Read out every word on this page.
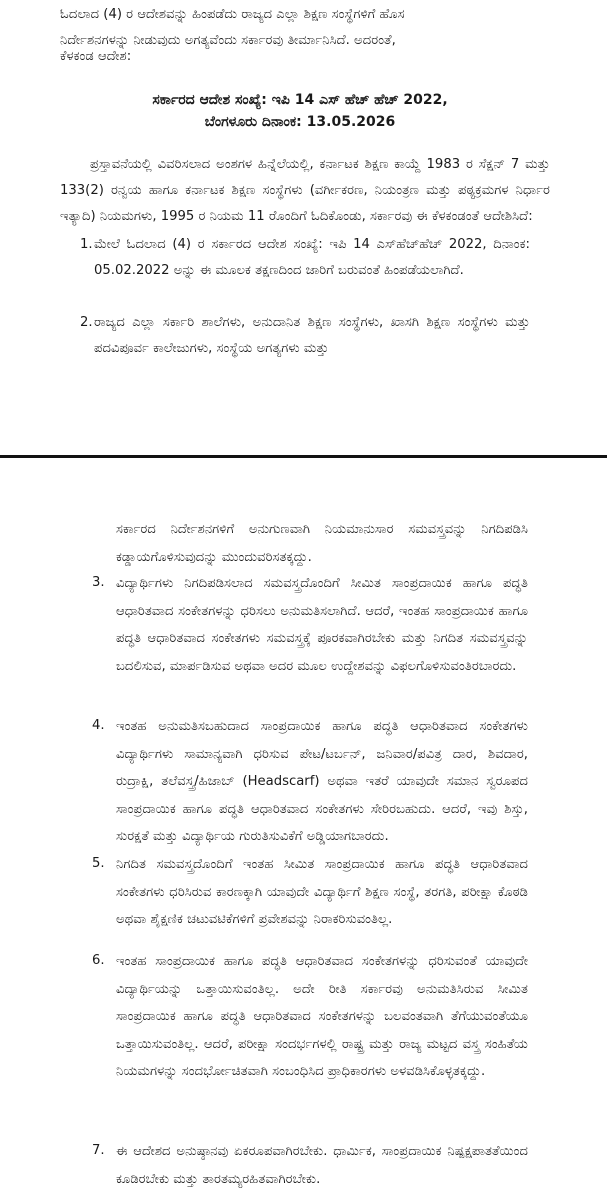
ಓದಲಾದ (4) ರ ಆದೇಶವನ್ನು ಹಿಂಪಡೆದು ರಾಜ್ಯದ ಎಲ್ಲಾ ಶಿಕ್ಷಣ ಸಂಸ್ಥೆಗಳಿಗೆ ಹೊಸ

ನಿರ್ದೇಶನಗಳನ್ನು ನೀಡುವುದು ಅಗತ್ಯವೆಂದು ಸರ್ಕಾರವು ತೀರ್ಮಾನಿಸಿದೆ. ಅದರಂತೆ,

ಕೆಳಕಂಡ ಆದೇಶ:

ಸರ್ಕಾರದ ಆದೇಶ ಸಂಖ್ಯೆ: ಇಪಿ 14 ಎಸ್ ಹೆಚ್ ಹೆಚ್ 2022,

ಬೆಂಗಳೂರು ದಿನಾಂಕ: 13.05.2026

ಪ್ರಸ್ತಾವನೆಯಲ್ಲಿ ವಿವರಿಸಲಾದ ಅಂಶಗಳ ಹಿನ್ನೆಲೆಯಲ್ಲಿ, ಕರ್ನಾಟಕ ಶಿಕ್ಷಣ ಕಾಯ್ದೆ 1983 ರ ಸೆಕ್ಷನ್ 7 ಮತ್ತು 133(2) ರನ್ವಯ ಹಾಗೂ ಕರ್ನಾಟಕ ಶಿಕ್ಷಣ ಸಂಸ್ಥೆಗಳು (ವರ್ಗೀಕರಣ, ನಿಯಂತ್ರಣ ಮತ್ತು ಪಠ್ಯಕ್ರಮಗಳ ನಿರ್ಧಾರ ಇತ್ಯಾದಿ) ನಿಯಮಗಳು, 1995 ರ ನಿಯಮ 11 ರೊಂದಿಗೆ ಓದಿಕೊಂಡು, ಸರ್ಕಾರವು ಈ ಕೆಳಕಂಡಂತೆ ಆದೇಶಿಸಿದೆ:

1. ಮೇಲೆ ಓದಲಾದ (4) ರ ಸರ್ಕಾರದ ಆದೇಶ ಸಂಖ್ಯೆ: ಇಪಿ 14 ಎಸ್‌ಹೆಚ್‌ಹೆಚ್ 2022, ದಿನಾಂಕ: 05.02.2022 ಅನ್ನು ಈ ಮೂಲಕ ತಕ್ಷಣದಿಂದ ಜಾರಿಗೆ ಬರುವಂತೆ ಹಿಂಪಡೆಯಲಾಗಿದೆ.

2. ರಾಜ್ಯದ ಎಲ್ಲಾ ಸರ್ಕಾರಿ ಶಾಲೆಗಳು, ಅನುದಾನಿತ ಶಿಕ್ಷಣ ಸಂಸ್ಥೆಗಳು, ಖಾಸಗಿ ಶಿಕ್ಷಣ ಸಂಸ್ಥೆಗಳು ಮತ್ತು ಪದವಿಪೂರ್ವ ಕಾಲೇಜುಗಳು, ಸಂಸ್ಥೆಯ ಅಗತ್ಯಗಳು ಮತ್ತು

ಸರ್ಕಾರದ ನಿರ್ದೇಶನಗಳಿಗೆ ಅನುಗುಣವಾಗಿ ನಿಯಮಾನುಸಾರ ಸಮವಸ್ತ್ರವನ್ನು ನಿಗದಿಪಡಿಸಿ ಕಡ್ಡಾಯಗೊಳಿಸುವುದನ್ನು ಮುಂದುವರಿಸತಕ್ಕದ್ದು.

3. ವಿದ್ಯಾರ್ಥಿಗಳು ನಿಗದಿಪಡಿಸಲಾದ ಸಮವಸ್ತ್ರದೊಂದಿಗೆ ಸೀಮಿತ ಸಾಂಪ್ರದಾಯಿಕ ಹಾಗೂ ಪದ್ಧತಿ ಆಧಾರಿತವಾದ ಸಂಕೇತಗಳನ್ನು ಧರಿಸಲು ಅನುಮತಿಸಲಾಗಿದೆ. ಆದರೆ, ಇಂತಹ ಸಾಂಪ್ರದಾಯಿಕ ಹಾಗೂ ಪದ್ಧತಿ ಆಧಾರಿತವಾದ ಸಂಕೇತಗಳು ಸಮವಸ್ತ್ರಕ್ಕೆ ಪೂರಕವಾಗಿರಬೇಕು ಮತ್ತು ನಿಗದಿತ ಸಮವಸ್ತ್ರವನ್ನು ಬದಲಿಸುವ, ಮಾರ್ಪಡಿಸುವ ಅಥವಾ ಅದರ ಮೂಲ ಉದ್ದೇಶವನ್ನು ವಿಫಲಗೊಳಿಸುವಂತಿರಬಾರದು.

4. ಇಂತಹ ಅನುಮತಿಸಬಹುದಾದ ಸಾಂಪ್ರದಾಯಿಕ ಹಾಗೂ ಪದ್ಧತಿ ಆಧಾರಿತವಾದ ಸಂಕೇತಗಳು ವಿದ್ಯಾರ್ಥಿಗಳು ಸಾಮಾನ್ಯವಾಗಿ ಧರಿಸುವ ಪೇಟ/ಟರ್ಬನ್, ಜನಿವಾರ/ಪವಿತ್ರ ದಾರ, ಶಿವದಾರ, ರುದ್ರಾಕ್ಷಿ, ತಲೆವಸ್ತ್ರ/ಹಿಜಾಬ್ (Headscarf) ಅಥವಾ ಇತರೆ ಯಾವುದೇ ಸಮಾನ ಸ್ವರೂಪದ ಸಾಂಪ್ರದಾಯಿಕ ಹಾಗೂ ಪದ್ಧತಿ ಆಧಾರಿತವಾದ ಸಂಕೇತಗಳು ಸೇರಿರಬಹುದು. ಆದರೆ, ಇವು ಶಿಸ್ತು, ಸುರಕ್ಷತೆ ಮತ್ತು ವಿದ್ಯಾರ್ಥಿಯ ಗುರುತಿಸುವಿಕೆಗೆ ಅಡ್ಡಿಯಾಗಬಾರದು.

5. ನಿಗದಿತ ಸಮವಸ್ತ್ರದೊಂದಿಗೆ ಇಂತಹ ಸೀಮಿತ ಸಾಂಪ್ರದಾಯಿಕ ಹಾಗೂ ಪದ್ಧತಿ ಆಧಾರಿತವಾದ ಸಂಕೇತಗಳು ಧರಿಸಿರುವ ಕಾರಣಕ್ಕಾಗಿ ಯಾವುದೇ ವಿದ್ಯಾರ್ಥಿಗೆ ಶಿಕ್ಷಣ ಸಂಸ್ಥೆ, ತರಗತಿ, ಪರೀಕ್ಷಾ ಕೊಠಡಿ ಅಥವಾ ಶೈಕ್ಷಣಿಕ ಚಟುವಟಿಕೆಗಳಿಗೆ ಪ್ರವೇಶವನ್ನು ನಿರಾಕರಿಸುವಂತಿಲ್ಲ.

6. ಇಂತಹ ಸಾಂಪ್ರದಾಯಿಕ ಹಾಗೂ ಪದ್ಧತಿ ಆಧಾರಿತವಾದ ಸಂಕೇತಗಳನ್ನು ಧರಿಸುವಂತೆ ಯಾವುದೇ ವಿದ್ಯಾರ್ಥಿಯನ್ನು ಒತ್ತಾಯಿಸುವಂತಿಲ್ಲ. ಅದೇ ರೀತಿ ಸರ್ಕಾರವು ಅನುಮತಿಸಿರುವ ಸೀಮಿತ ಸಾಂಪ್ರದಾಯಿಕ ಹಾಗೂ ಪದ್ಧತಿ ಆಧಾರಿತವಾದ ಸಂಕೇತಗಳನ್ನು ಬಲವಂತವಾಗಿ ತೆಗೆಯುವಂತೆಯೂ ಒತ್ತಾಯಿಸುವಂತಿಲ್ಲ. ಆದರೆ, ಪರೀಕ್ಷಾ ಸಂದರ್ಭಗಳಲ್ಲಿ ರಾಷ್ಟ್ರ ಮತ್ತು ರಾಜ್ಯ ಮಟ್ಟದ ವಸ್ತ್ರ ಸಂಹಿತೆಯ ನಿಯಮಗಳನ್ನು ಸಂದರ್ಭೋಚಿತವಾಗಿ ಸಂಬಂಧಿಸಿದ ಪ್ರಾಧಿಕಾರಗಳು ಅಳವಡಿಸಿಕೊಳ್ಳತಕ್ಕದ್ದು.

7. ಈ ಆದೇಶದ ಅನುಷ್ಠಾನವು ಏಕರೂಪವಾಗಿರಬೇಕು. ಧಾರ್ಮಿಕ, ಸಾಂಪ್ರದಾಯಿಕ ನಿಷ್ಪಕ್ಷಪಾತತೆಯಿಂದ ಕೂಡಿರಬೇಕು ಮತ್ತು ತಾರತಮ್ಯರಹಿತವಾಗಿರಬೇಕು.
